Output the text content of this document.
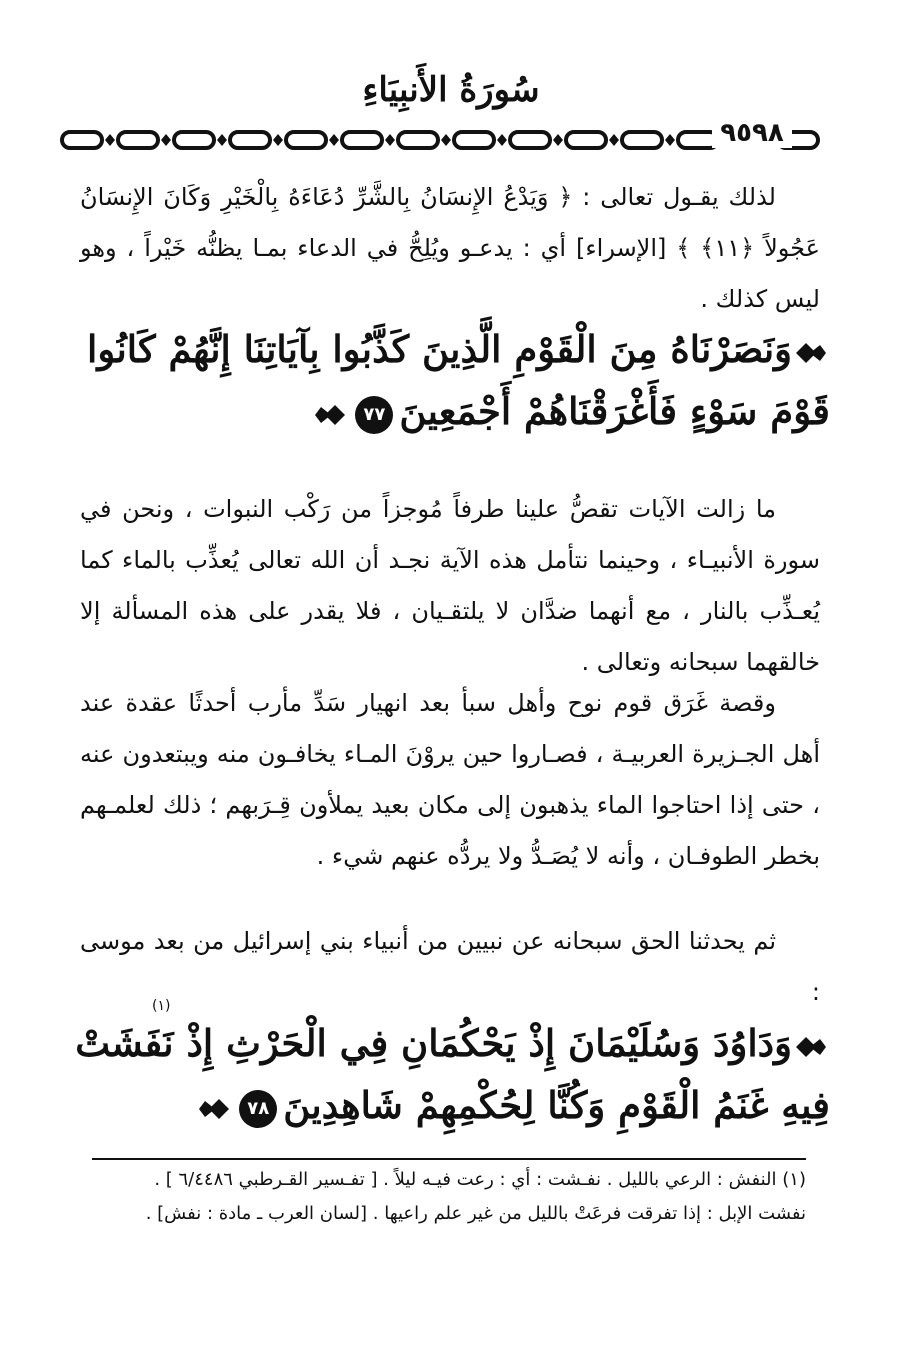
سُورَةُ الأَنبِيَاءِ
٩٥٩٨
لذلك يقـول تعالى : ﴿ وَيَدْعُ الإِنسَانُ بِالشَّرِّ دُعَاءَهُ بِالْخَيْرِ وَكَانَ الإِنسَانُ عَجُولاً ﴿١١﴾ ﴾ [الإسراء] أي : يدعـو ويُلِحُّ في الدعاء بمـا يظنُّه خَيْراً ، وهو ليس كذلك .
وَنَصَرْنَاهُ مِنَ الْقَوْمِ الَّذِينَ كَذَّبُوا بِآيَاتِنَا إِنَّهُمْ كَانُوا
قَوْمَ سَوْءٍ فَأَغْرَقْنَاهُمْ أَجْمَعِينَ٧٧
ما زالت الآيات تقصُّ علينا طرفاً مُوجزاً من رَكْب النبوات ، ونحن في سورة الأنبيـاء ، وحينما نتأمل هذه الآية نجـد أن الله تعالى يُعذِّب بالماء كما يُعـذِّب بالنار ، مع أنهما ضدَّان لا يلتقـيان ، فلا يقدر على هذه المسألة إلا خالقهما سبحانه وتعالى .
وقصة غَرَق قوم نوح وأهل سبأ بعد انهيار سَدِّ مأرب أحدثًا عقدة عند أهل الجـزيرة العربيـة ، فصـاروا حين يروْنَ المـاء يخافـون منه ويبتعدون عنه ، حتى إذا احتاجوا الماء يذهبون إلى مكان بعيد يملأون قِـرَبهم ؛ ذلك لعلمـهم بخطر الطوفـان ، وأنه لا يُصَـدُّ ولا يردُّه عنهم شيء .
ثم يحدثنا الحق سبحانه عن نبيين من أنبياء بني إسرائيل من بعد موسى :
(١)
وَدَاوُدَ وَسُلَيْمَانَ إِذْ يَحْكُمَانِ فِي الْحَرْثِ إِذْ نَفَشَتْ
فِيهِ غَنَمُ الْقَوْمِ وَكُنَّا لِحُكْمِهِمْ شَاهِدِينَ٧٨
(١) النفش : الرعي بالليل . نفـشت : أي : رعت فيـه ليلاً . [ تفـسير القـرطبي ٦/٤٤٨٦ ] .
نفشت الإبل : إذا تفرقت فرعَتْ بالليل من غير علم راعيها . [لسان العرب ـ مادة : نفش] .
